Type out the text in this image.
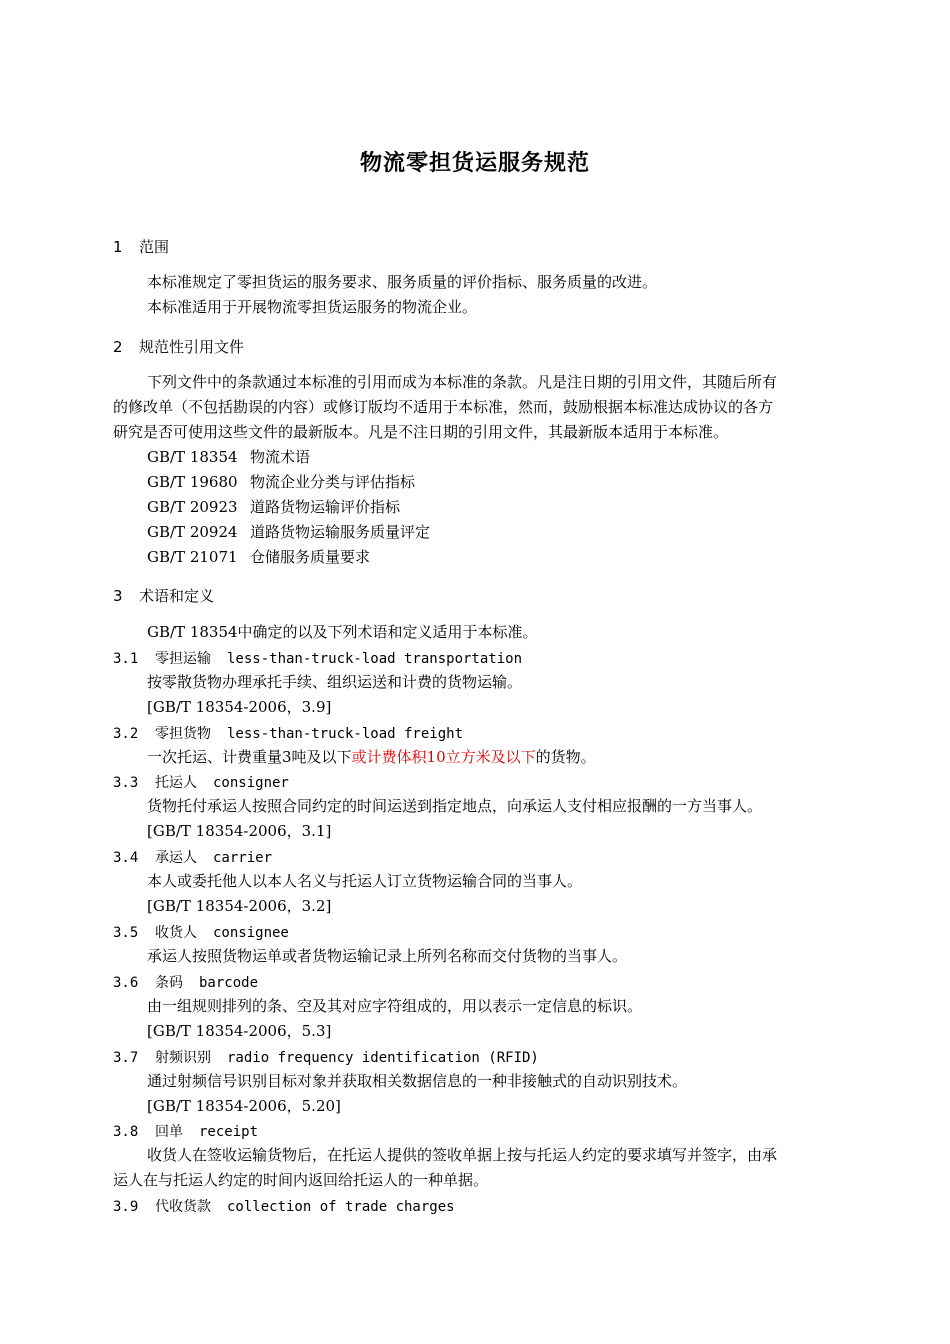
物流零担货运服务规范
1 范围
本标准规定了零担货运的服务要求、服务质量的评价指标、服务质量的改进。
本标准适用于开展物流零担货运服务的物流企业。
2 规范性引用文件
下列文件中的条款通过本标准的引用而成为本标准的条款。凡是注日期的引用文件，其随后所有
的修改单（不包括勘误的内容）或修订版均不适用于本标准，然而，鼓励根据本标准达成协议的各方
研究是否可使用这些文件的最新版本。凡是不注日期的引用文件，其最新版本适用于本标准。
GB/T 18354 物流术语
GB/T 19680 物流企业分类与评估指标
GB/T 20923 道路货物运输评价指标
GB/T 20924 道路货物运输服务质量评定
GB/T 21071 仓储服务质量要求
3 术语和定义
GB/T 18354中确定的以及下列术语和定义适用于本标准。
3.1 零担运输 less-than-truck-load transportation
按零散货物办理承托手续、组织运送和计费的货物运输。
[GB/T 18354-2006，3.9]
3.2 零担货物 less-than-truck-load freight
一次托运、计费重量3吨及以下或计费体积10立方米及以下的货物。
3.3 托运人 consigner
货物托付承运人按照合同约定的时间运送到指定地点，向承运人支付相应报酬的一方当事人。
[GB/T 18354-2006，3.1]
3.4 承运人 carrier
本人或委托他人以本人名义与托运人订立货物运输合同的当事人。
[GB/T 18354-2006，3.2]
3.5 收货人 consignee
承运人按照货物运单或者货物运输记录上所列名称而交付货物的当事人。
3.6 条码 barcode
由一组规则排列的条、空及其对应字符组成的，用以表示一定信息的标识。
[GB/T 18354-2006，5.3]
3.7 射频识别 radio frequency identification (RFID)
通过射频信号识别目标对象并获取相关数据信息的一种非接触式的自动识别技术。
[GB/T 18354-2006，5.20]
3.8 回单 receipt
收货人在签收运输货物后，在托运人提供的签收单据上按与托运人约定的要求填写并签字，由承
运人在与托运人约定的时间内返回给托运人的一种单据。
3.9 代收货款 collection of trade charges
